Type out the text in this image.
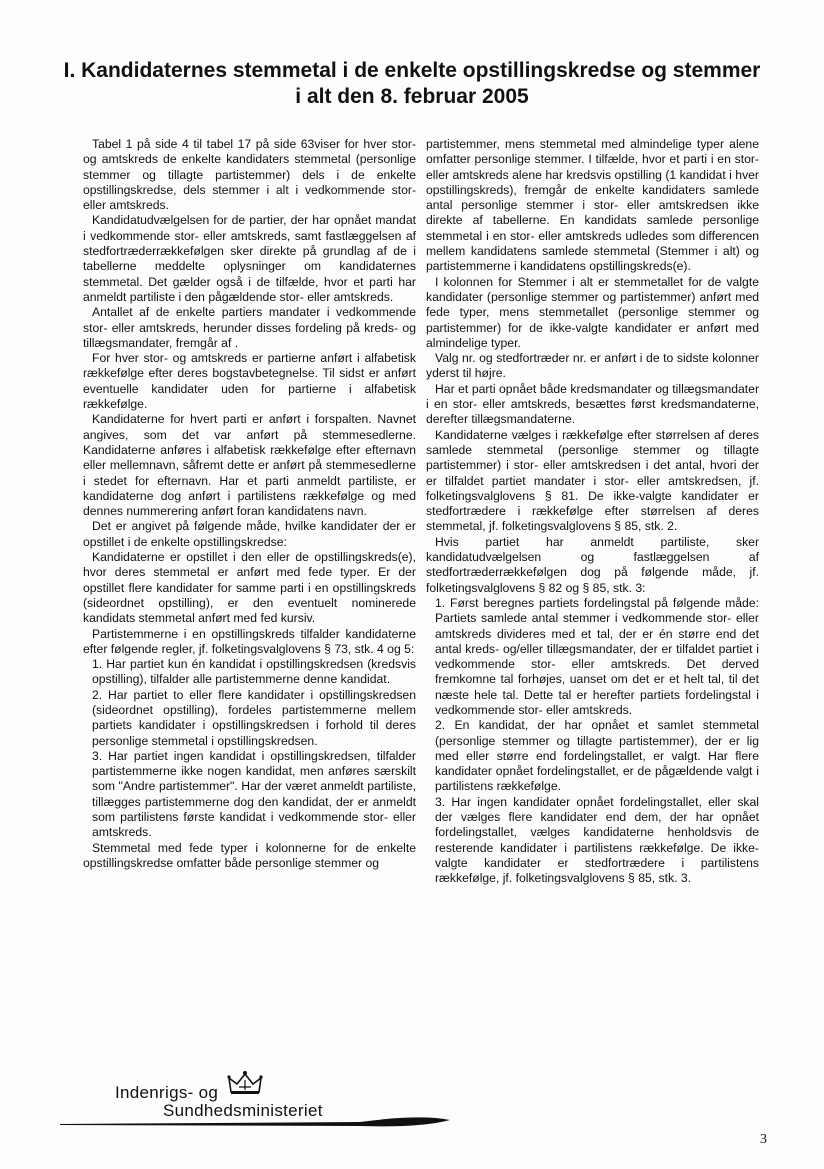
I. Kandidaternes stemmetal i de enkelte opstillingskredse og stemmer i alt den 8. februar 2005

Tabel 1 på side 4 til tabel 17 på side 63viser for hver stor- og amtskreds de enkelte kandidaters stemmetal (personlige stemmer og tillagte partistemmer) dels i de enkelte opstillingskredse, dels stemmer i alt i vedkommende stor- eller amtskreds.

Kandidatudvælgelsen for de partier, der har opnået mandat i vedkommende stor- eller amtskreds, samt fastlæggelsen af stedfortræderrækkefølgen sker direkte på grundlag af de i tabellerne meddelte oplysninger om kandidaternes stemmetal. Det gælder også i de tilfælde, hvor et parti har anmeldt partiliste i den pågældende stor- eller amtskreds.

Antallet af de enkelte partiers mandater i vedkommende stor- eller amtskreds, herunder disses fordeling på kreds- og tillægsmandater, fremgår af .

For hver stor- og amtskreds er partierne anført i alfabetisk rækkefølge efter deres bogstavbetegnelse. Til sidst er anført eventuelle kandidater uden for partierne i alfabetisk rækkefølge.

Kandidaterne for hvert parti er anført i forspalten. Navnet angives, som det var anført på stemmesedlerne. Kandidaterne anføres i alfabetisk rækkefølge efter efternavn eller mellemnavn, såfremt dette er anført på stemmesedlerne i stedet for efternavn. Har et parti anmeldt partiliste, er kandidaterne dog anført i partilistens rækkefølge og med dennes nummerering anført foran kandidatens navn.

Det er angivet på følgende måde, hvilke kandidater der er opstillet i de enkelte opstillingskredse:

Kandidaterne er opstillet i den eller de opstillingskreds(e), hvor deres stemmetal er anført med fede typer. Er der opstillet flere kandidater for samme parti i en opstillingskreds (sideordnet opstilling), er den eventuelt nominerede kandidats stemmetal anført med fed kursiv.

Partistemmerne i en opstillingskreds tilfalder kandidaterne efter følgende regler, jf. folketingsvalglovens § 73, stk. 4 og 5:

1. Har partiet kun én kandidat i opstillingskredsen (kredsvis opstilling), tilfalder alle partistemmerne denne kandidat.

2. Har partiet to eller flere kandidater i opstillingskredsen (sideordnet opstilling), fordeles partistemmerne mellem partiets kandidater i opstillingskredsen i forhold til deres personlige stemmetal i opstillingskredsen.

3. Har partiet ingen kandidat i opstillingskredsen, tilfalder partistemmerne ikke nogen kandidat, men anføres særskilt som "Andre partistemmer". Har der været anmeldt partiliste, tillægges partistemmerne dog den kandidat, der er anmeldt som partilistens første kandidat i vedkommende stor- eller amtskreds.

Stemmetal med fede typer i kolonnerne for de enkelte opstillingskredse omfatter både personlige stemmer og

partistemmer, mens stemmetal med almindelige typer alene omfatter personlige stemmer. I tilfælde, hvor et parti i en stor- eller amtskreds alene har kredsvis opstilling (1 kandidat i hver opstillingskreds), fremgår de enkelte kandidaters samlede antal personlige stemmer i stor- eller amtskredsen ikke direkte af tabellerne. En kandidats samlede personlige stemmetal i en stor- eller amtskreds udledes som differencen mellem kandidatens samlede stemmetal (Stemmer i alt) og partistemmerne i kandidatens opstillingskreds(e).

I kolonnen for Stemmer i alt er stemmetallet for de valgte kandidater (personlige stemmer og partistemmer) anført med fede typer, mens stemmetallet (personlige stemmer og partistemmer) for de ikke-valgte kandidater er anført med almindelige typer.

Valg nr. og stedfortræder nr. er anført i de to sidste kolonner yderst til højre.

Har et parti opnået både kredsmandater og tillægsmandater i en stor- eller amtskreds, besættes først kredsmandaterne, derefter tillægsmandaterne.

Kandidaterne vælges i rækkefølge efter størrelsen af deres samlede stemmetal (personlige stemmer og tillagte partistemmer) i stor- eller amtskredsen i det antal, hvori der er tilfaldet partiet mandater i stor- eller amtskredsen, jf. folketingsvalglovens § 81. De ikke-valgte kandidater er stedfortrædere i rækkefølge efter størrelsen af deres stemmetal, jf. folketingsvalglovens § 85, stk. 2.

Hvis partiet har anmeldt partiliste, sker kandidatudvælgelsen og fastlæggelsen af stedfortræderrækkefølgen dog på følgende måde, jf. folketingsvalglovens § 82 og § 85, stk. 3:

1. Først beregnes partiets fordelingstal på følgende måde: Partiets samlede antal stemmer i vedkommende stor- eller amtskreds divideres med et tal, der er én større end det antal kreds- og/eller tillægsmandater, der er tilfaldet partiet i vedkommende stor- eller amtskreds. Det derved fremkomne tal forhøjes, uanset om det er et helt tal, til det næste hele tal. Dette tal er herefter partiets fordelingstal i vedkommende stor- eller amtskreds.

2. En kandidat, der har opnået et samlet stemmetal (personlige stemmer og tillagte partistemmer), der er lig med eller større end fordelingstallet, er valgt. Har flere kandidater opnået fordelingstallet, er de pågældende valgt i partilistens rækkefølge.

3. Har ingen kandidater opnået fordelingstallet, eller skal der vælges flere kandidater end dem, der har opnået fordelingstallet, vælges kandidaterne henholdsvis de resterende kandidater i partilistens rækkefølge. De ikke-valgte kandidater er stedfortrædere i partilistens rækkefølge, jf. folketingsvalglovens § 85, stk. 3.

Indenrigs- og
Sundhedsministeriet
3
